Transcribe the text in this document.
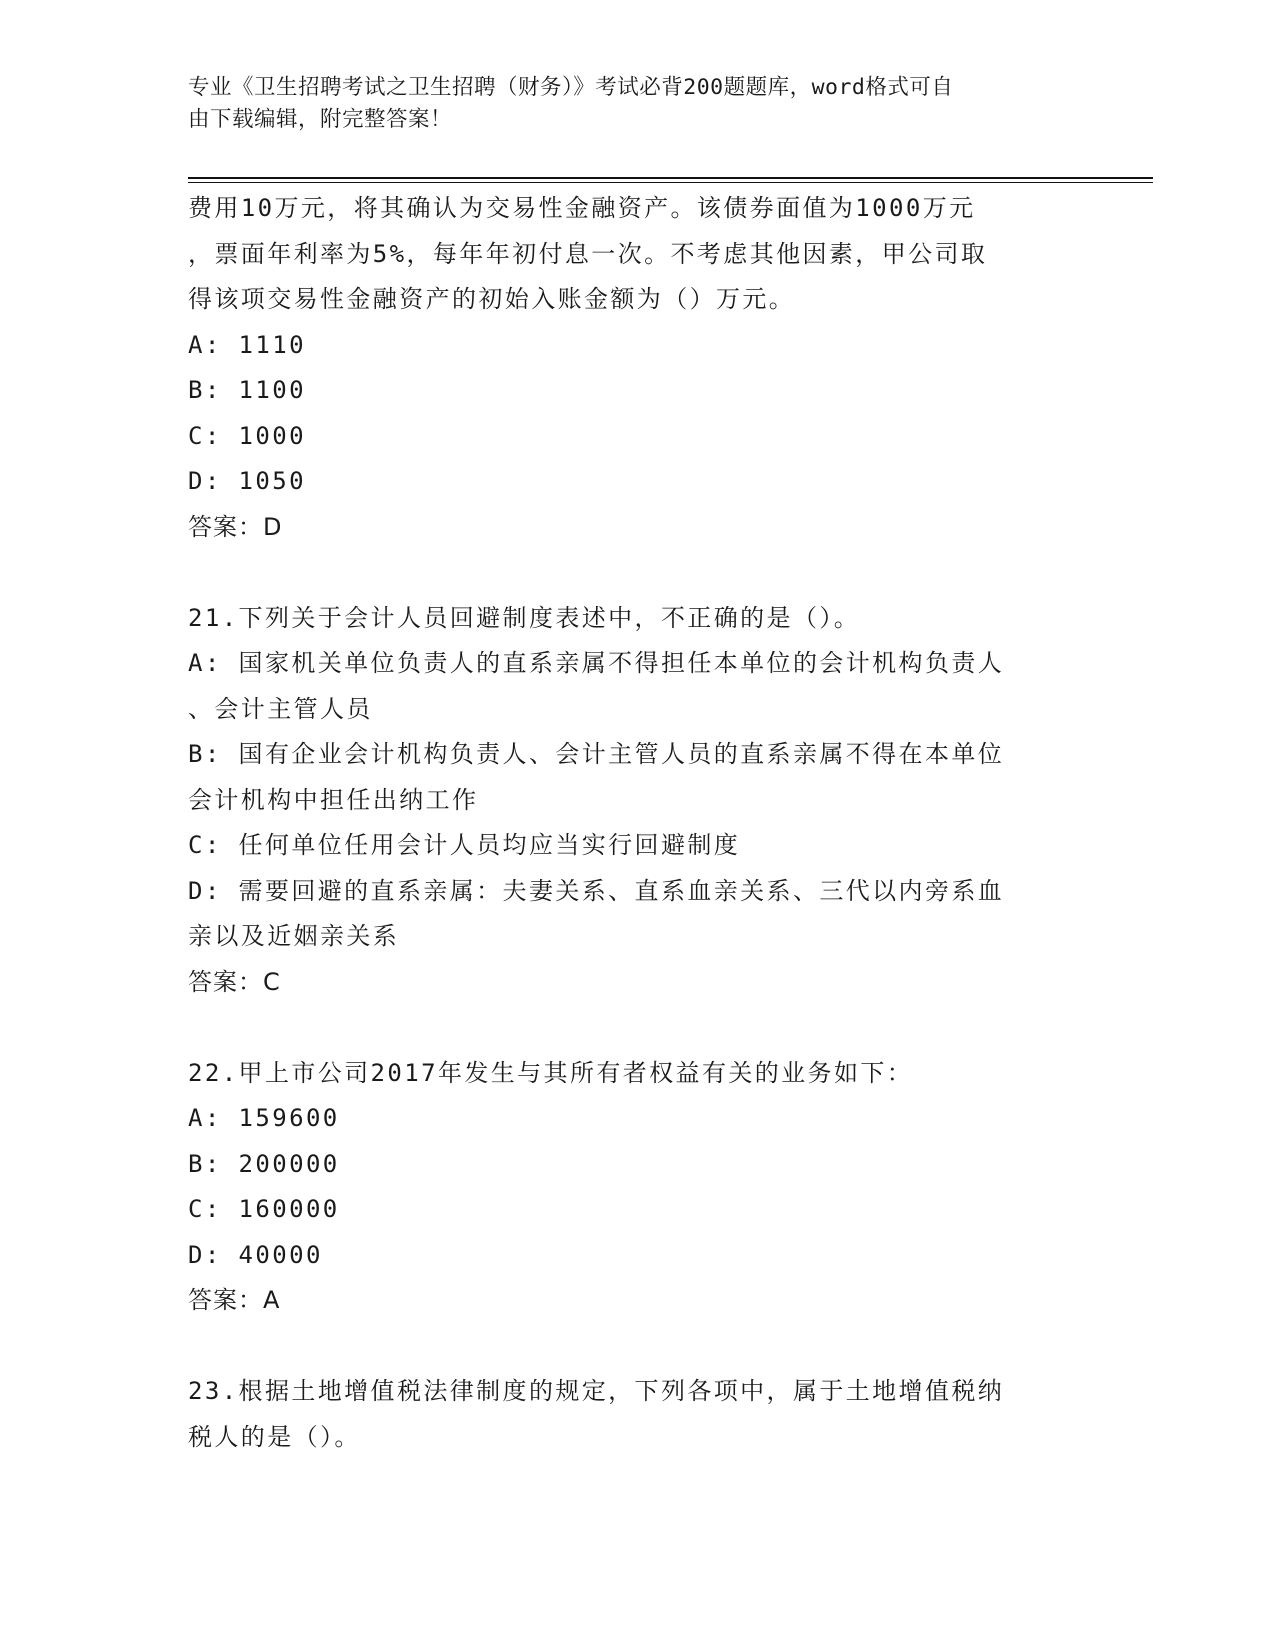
专业《卫生招聘考试之卫生招聘（财务）》考试必背200题题库，word格式可自
由下载编辑，附完整答案！

费用10万元，将其确认为交易性金融资产。该债券面值为1000万元

，票面年利率为5%，每年年初付息一次。不考虑其他因素，甲公司取

得该项交易性金融资产的初始入账金额为（）万元。

A: 1110

B: 1100

C: 1000

D: 1050

答案：D

21.下列关于会计人员回避制度表述中，不正确的是（）。

A: 国家机关单位负责人的直系亲属不得担任本单位的会计机构负责人

、会计主管人员

B: 国有企业会计机构负责人、会计主管人员的直系亲属不得在本单位

会计机构中担任出纳工作

C: 任何单位任用会计人员均应当实行回避制度

D: 需要回避的直系亲属：夫妻关系、直系血亲关系、三代以内旁系血

亲以及近姻亲关系

答案：C

22.甲上市公司2017年发生与其所有者权益有关的业务如下：

A: 159600

B: 200000

C: 160000

D: 40000

答案：A

23.根据土地增值税法律制度的规定，下列各项中，属于土地增值税纳

税人的是（）。
